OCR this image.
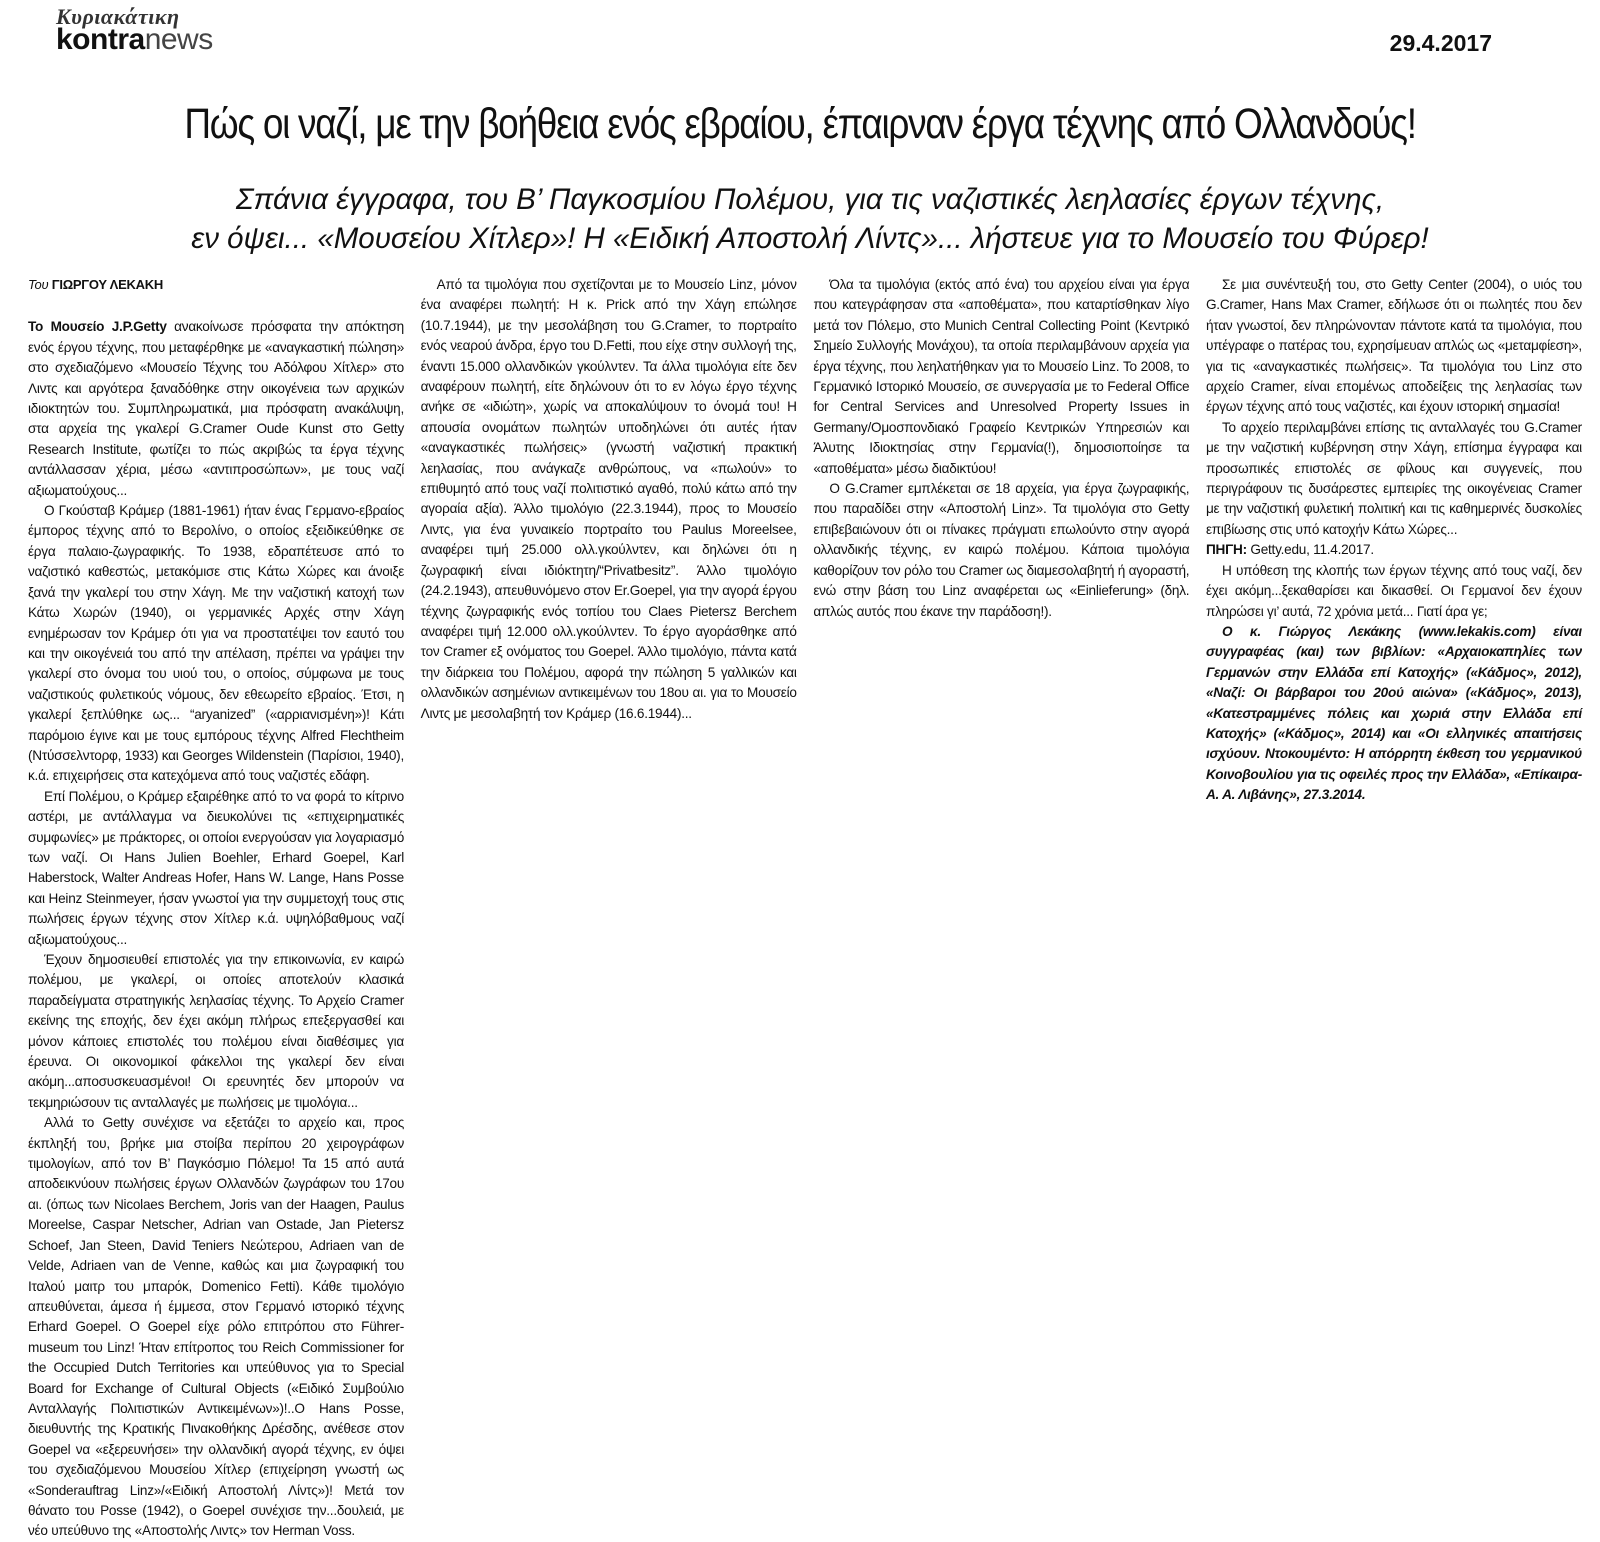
Κυριακάτικη
kontranews	29.4.2017
Πώς οι ναζί, με την βοήθεια ενός εβραίου, έπαιρναν έργα τέχνης από Ολλανδούς!
Σπάνια έγγραφα, του Β’ Παγκοσμίου Πολέμου, για τις ναζιστικές λεηλασίες έργων τέχνης,
εν όψει... «Μουσείου Χίτλερ»! Η «Ειδική Αποστολή Λίντς»... λήστευε για το Μουσείο του Φύρερ!

Του ΓΙΩΡΓΟΥ ΛΕΚΑΚΗ

Το Μουσείο J.P.Getty ανακοίνωσε πρόσφατα την απόκτηση ενός έργου τέχνης, που μεταφέρθηκε με «αναγκαστική πώληση» στο σχεδιαζόμενο «Μουσείο Τέχνης του Αδόλφου Χίτλερ» στο Λιντς και αργότερα ξαναδόθηκε στην οικογένεια των αρχικών ιδιοκτητών του. Συμπληρωματικά, μια πρόσφατη ανακάλυψη, στα αρχεία της γκαλερί G.Cramer Oude Kunst στο Getty Research Institute, φωτίζει το πώς ακριβώς τα έργα τέχνης αντάλλασσαν χέρια, μέσω «αντιπροσώπων», με τους ναζί αξιωματούχους...

Ο Γκούσταβ Κράμερ (1881-1961) ήταν ένας Γερμανο-εβραίος έμπορος τέχνης από το Βερολίνο, ο οποίος εξειδικεύθηκε σε έργα παλαιο-ζωγραφικής. Το 1938, εδραπέτευσε από το ναζιστικό καθεστώς, μετακόμισε στις Κάτω Χώρες και άνοιξε ξανά την γκαλερί του στην Χάγη. Με την ναζιστική κατοχή των Κάτω Χωρών (1940), οι γερμανικές Αρχές στην Χάγη ενημέρωσαν τον Κράμερ ότι για να προστατέψει τον εαυτό του και την οικογένειά του από την απέλαση, πρέπει να γράψει την γκαλερί στο όνομα του υιού του, ο οποίος, σύμφωνα με τους ναζιστικούς φυλετικούς νόμους, δεν εθεωρείτο εβραίος. Έτσι, η γκαλερί ξεπλύθηκε ως... “aryanized” («αρριανισμένη»)! Κάτι παρόμοιο έγινε και με τους εμπόρους τέχνης Alfred Flechtheim (Ντύσσελντορφ, 1933) και Georges Wildenstein (Παρίσιοι, 1940), κ.ά. επιχειρήσεις στα κατεχόμενα από τους ναζιστές εδάφη.

Επί Πολέμου, ο Κράμερ εξαιρέθηκε από το να φορά το κίτρινο αστέρι, με αντάλλαγμα να διευκολύνει τις «επιχειρηματικές συμφωνίες» με πράκτορες, οι οποίοι ενεργούσαν για λογαριασμό των ναζί. Οι Hans Julien Boehler, Erhard Goepel, Karl Haberstock, Walter Andreas Hofer, Hans W. Lange, Hans Posse και Heinz Steinmeyer, ήσαν γνωστοί για την συμμετοχή τους στις πωλήσεις έργων τέχνης στον Χίτλερ κ.ά. υψηλόβαθμους ναζί αξιωματούχους...

Έχουν δημοσιευθεί επιστολές για την επικοινωνία, εν καιρώ πολέμου, με γκαλερί, οι οποίες αποτελούν κλασικά παραδείγματα στρατηγικής λεηλασίας τέχνης. Το Αρχείο Cramer εκείνης της εποχής, δεν έχει ακόμη πλήρως επεξεργασθεί και μόνον κάποιες επιστολές του πολέμου είναι διαθέσιμες για έρευνα. Οι οικονομικοί φάκελλοι της γκαλερί δεν είναι ακόμη...αποσυσκευασμένοι! Οι ερευνητές δεν μπορούν να τεκμηριώσουν τις ανταλλαγές με πωλήσεις με τιμολόγια...

Αλλά το Getty συνέχισε να εξετάζει το αρχείο και, προς έκπληξή του, βρήκε μια στοίβα περίπου 20 χειρογράφων τιμολογίων, από τον Β’ Παγκόσμιο Πόλεμο! Τα 15 από αυτά αποδεικνύουν πωλήσεις έργων Ολλανδών ζωγράφων του 17ου αι. (όπως των Nicolaes Berchem, Joris van der Haagen, Paulus Moreelse, Caspar Netscher, Adrian van Ostade, Jan Pietersz Schoef, Jan Steen, David Teniers Νεώτερου, Adriaen van de Velde, Adriaen van de Venne, καθώς και μια ζωγραφική του Ιταλού μαιτρ του μπαρόκ, Domenico Fetti). Κάθε τιμολόγιο απευθύνεται, άμεσα ή έμμεσα, στον Γερμανό ιστορικό τέχνης Erhard Goepel. Ο Goepel είχε ρόλο επιτρόπου στο Führer-museum του Linz! Ήταν επίτροπος του Reich Commissioner for the Occupied Dutch Territories και υπεύθυνος για το Special Board for Exchange of Cultural Objects («Ειδικό Συμβούλιο Ανταλλαγής Πολιτιστικών Αντικειμένων»)!..Ο Hans Posse, διευθυντής της Κρατικής Πινακοθήκης Δρέσδης, ανέθεσε στον Goepel να «εξερευνήσει» την ολλανδική αγορά τέχνης, εν όψει του σχεδιαζόμενου Μουσείου Χίτλερ (επιχείρηση γνωστή ως «Sonderauftrag Linz»/«Ειδική Αποστολή Λίντς»)! Μετά τον θάνατο του Posse (1942), ο Goepel συνέχισε την...δουλειά, με νέο υπεύθυνο της «Αποστολής Λιντς» τον Herman Voss.

Από τα τιμολόγια που σχετίζονται με το Μουσείο Linz, μόνον ένα αναφέρει πωλητή: Η κ. Prick από την Χάγη επώλησε (10.7.1944), με την μεσολάβηση του G.Cramer, το πορτραίτο ενός νεαρού άνδρα, έργο του D.Fetti, που είχε στην συλλογή της, έναντι 15.000 ολλανδικών γκούλντεν. Τα άλλα τιμολόγια είτε δεν αναφέρουν πωλητή, είτε δηλώνουν ότι το εν λόγω έργο τέχνης ανήκε σε «ιδιώτη», χωρίς να αποκαλύψουν το όνομά του! Η απουσία ονομάτων πωλητών υποδηλώνει ότι αυτές ήταν «αναγκαστικές πωλήσεις» (γνωστή ναζιστική πρακτική λεηλασίας, που ανάγκαζε ανθρώπους, να «πωλούν» το επιθυμητό από τους ναζί πολιτιστικό αγαθό, πολύ κάτω από την αγοραία αξία). Άλλο τιμολόγιο (22.3.1944), προς το Μουσείο Λιντς, για ένα γυναικείο πορτραίτο του Paulus Moreelsee, αναφέρει τιμή 25.000 ολλ.γκούλντεν, και δηλώνει ότι η ζωγραφική είναι ιδιόκτητη/“Privatbesitz”. Άλλο τιμολόγιο (24.2.1943), απευθυνόμενο στον Er.Goepel, για την αγορά έργου τέχνης ζωγραφικής ενός τοπίου του Claes Pietersz Berchem αναφέρει τιμή 12.000 ολλ.γκούλντεν. Το έργο αγοράσθηκε από τον Cramer εξ ονόματος του Goepel. Άλλο τιμολόγιο, πάντα κατά την διάρκεια του Πολέμου, αφορά την πώληση 5 γαλλικών και ολλανδικών ασημένιων αντικειμένων του 18ου αι. για το Μουσείο Λιντς με μεσολαβητή τον Κράμερ (16.6.1944)...

Όλα τα τιμολόγια (εκτός από ένα) του αρχείου είναι για έργα που κατεγράφησαν στα «αποθέματα», που καταρτίσθηκαν λίγο μετά τον Πόλεμο, στο Munich Central Collecting Point (Κεντρικό Σημείο Συλλογής Μονάχου), τα οποία περιλαμβάνουν αρχεία για έργα τέχνης, που λεηλατήθηκαν για το Μουσείο Linz. Το 2008, το Γερμανικό Ιστορικό Μουσείο, σε συνεργασία με το Federal Office for Central Services and Unresolved Property Issues in Germany/Ομοσπονδιακό Γραφείο Κεντρικών Υπηρεσιών και Άλυτης Ιδιοκτησίας στην Γερμανία(!), δημοσιοποίησε τα «αποθέματα» μέσω διαδικτύου!

Ο G.Cramer εμπλέκεται σε 18 αρχεία, για έργα ζωγραφικής, που παραδίδει στην «Αποστολή Linz». Τα τιμολόγια στο Getty επιβεβαιώνουν ότι οι πίνακες πράγματι επωλούντο στην αγορά ολλανδικής τέχνης, εν καιρώ πολέμου. Κάποια τιμολόγια καθορίζουν τον ρόλο του Cramer ως διαμεσολαβητή ή αγοραστή, ενώ στην βάση του Linz αναφέρεται ως «Einlieferung» (δηλ. απλώς αυτός που έκανε την παράδοση!).

Σε μια συνέντευξή του, στο Getty Center (2004), ο υιός του G.Cramer, Hans Max Cramer, εδήλωσε ότι οι πωλητές που δεν ήταν γνωστοί, δεν πληρώνονταν πάντοτε κατά τα τιμολόγια, που υπέγραφε ο πατέρας του, εχρησίμευαν απλώς ως «μεταμφίεση», για τις «αναγκαστικές πωλήσεις». Τα τιμολόγια του Linz στο αρχείο Cramer, είναι επομένως αποδείξεις της λεηλασίας των έργων τέχνης από τους ναζιστές, και έχουν ιστορική σημασία!

Το αρχείο περιλαμβάνει επίσης τις ανταλλαγές του G.Cramer με την ναζιστική κυβέρνηση στην Χάγη, επίσημα έγγραφα και προσωπικές επιστολές σε φίλους και συγγενείς, που περιγράφουν τις δυσάρεστες εμπειρίες της οικογένειας Cramer με την ναζιστική φυλετική πολιτική και τις καθημερινές δυσκολίες επιβίωσης στις υπό κατοχήν Κάτω Χώρες...

ΠΗΓΗ: Getty.edu, 11.4.2017.

Η υπόθεση της κλοπής των έργων τέχνης από τους ναζί, δεν έχει ακόμη...ξεκαθαρίσει και δικασθεί. Οι Γερμανοί δεν έχουν πληρώσει γι’ αυτά, 72 χρόνια μετά... Γιατί άρα γε;

Ο κ. Γιώργος Λεκάκης (www.lekakis.com) είναι συγγραφέας (και) των βιβλίων: «Αρχαιοκαπηλίες των Γερμανών στην Ελλάδα επί Κατοχής» («Κάδμος», 2012), «Ναζί: Οι βάρβαροι του 20ού αιώνα» («Κάδμος», 2013), «Κατεστραμμένες πόλεις και χωριά στην Ελλάδα επί Κατοχής» («Κάδμος», 2014) και «Οι ελληνικές απαιτήσεις ισχύουν. Ντοκουμέντο: Η απόρρητη έκθεση του γερμανικού Κοινοβουλίου για τις οφειλές προς την Ελλάδα», «Επίκαιρα-Α. Α. Λιβάνης», 27.3.2014.
